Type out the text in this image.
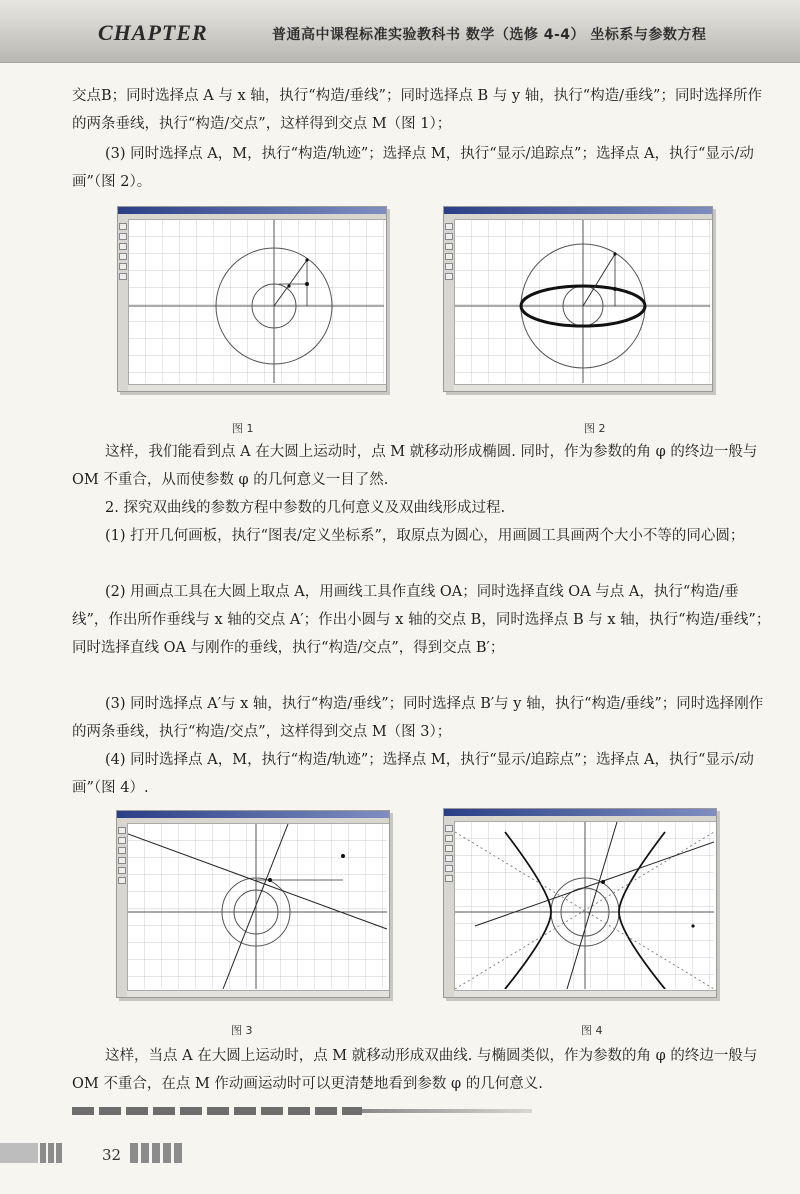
CHAPTER	普通高中课程标准实验教科书 数学（选修 4-4） 坐标系与参数方程

交点B；同时选择点 A 与 x 轴，执行“构造/垂线”；同时选择点 B 与 y 轴，执行“构造/垂线”；同时选择所作的两条垂线，执行“构造/交点”，这样得到交点 M（图 1）；

(3) 同时选择点 A，M，执行“构造/轨迹”；选择点 M，执行“显示/追踪点”；选择点 A，执行“显示/动画”（图 2）。

图 1	图 2

这样，我们能看到点 A 在大圆上运动时，点 M 就移动形成椭圆. 同时，作为参数的角 φ 的终边一般与 OM 不重合，从而使参数 φ 的几何意义一目了然.

2. 探究双曲线的参数方程中参数的几何意义及双曲线形成过程.

(1) 打开几何画板，执行“图表/定义坐标系”，取原点为圆心，用画圆工具画两个大小不等的同心圆；

(2) 用画点工具在大圆上取点 A，用画线工具作直线 OA；同时选择直线 OA 与点 A，执行“构造/垂线”，作出所作垂线与 x 轴的交点 A′；作出小圆与 x 轴的交点 B，同时选择点 B 与 x 轴，执行“构造/垂线”；同时选择直线 OA 与刚作的垂线，执行“构造/交点”，得到交点 B′；

(3) 同时选择点 A′与 x 轴，执行“构造/垂线”；同时选择点 B′与 y 轴，执行“构造/垂线”；同时选择刚作的两条垂线，执行“构造/交点”，这样得到交点 M（图 3）；

(4) 同时选择点 A，M，执行“构造/轨迹”；选择点 M，执行“显示/追踪点”；选择点 A，执行“显示/动画”（图 4）.

图 3	图 4

这样，当点 A 在大圆上运动时，点 M 就移动形成双曲线. 与椭圆类似，作为参数的角 φ 的终边一般与 OM 不重合，在点 M 作动画运动时可以更清楚地看到参数 φ 的几何意义.

32
